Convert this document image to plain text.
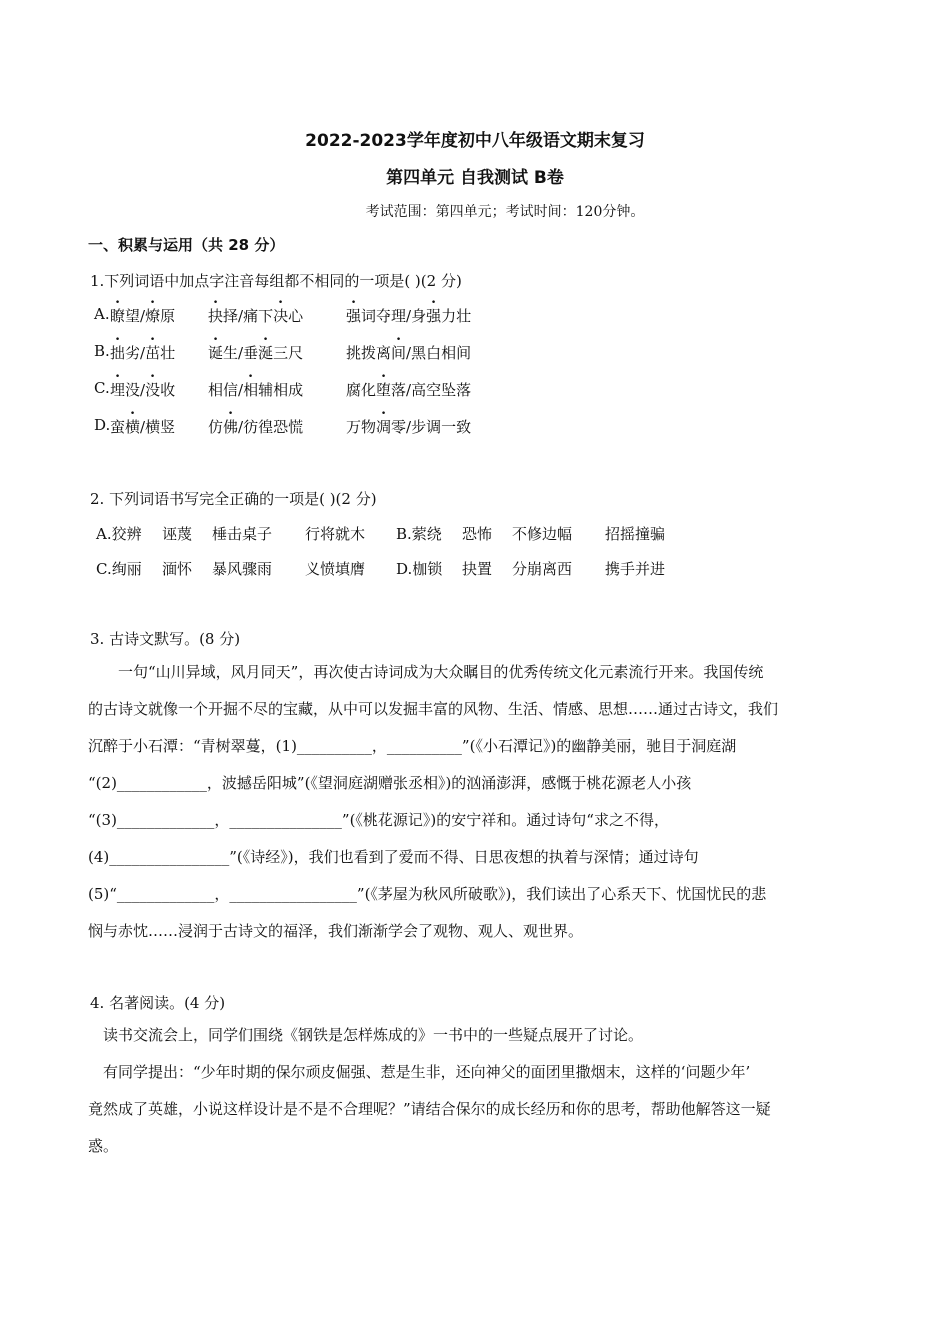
2022-2023学年度初中八年级语文期末复习
第四单元 自我测试 B卷
考试范围：第四单元；考试时间：120分钟。
一、积累与运用（共 28 分）
1.下列词语中加点字注音每组都不相同的一项是( )(2 分)
A. 瞭望/燎原 抉择/痛下决心	强词夺理/身强力壮
B. 拙劣/茁壮 诞生/垂涎三尺	挑拨离间/黑白相间
C. 埋没/没收 相信/相辅相成	腐化堕落/高空坠落
D. 蛮横/横竖 仿佛/彷徨恐慌	万物凋零/步调一致
2. 下列词语书写完全正确的一项是( )(2 分)
A.狡辨 诬蔑 棰击桌子 行将就木 B.萦绕 恐怖 不修边幅 招摇撞骗
C.绚丽 湎怀 暴风骤雨 义愤填膺 D.枷锁 抉置 分崩离西 携手并进
3. 古诗文默写。(8 分)

一句“山川异域，风月同天”，再次使古诗词成为大众瞩目的优秀传统文化元素流行开来。我国传统

的古诗文就像一个开掘不尽的宝藏，从中可以发掘丰富的风物、生活、情感、思想……通过古诗文，我们

沉醉于小石潭：“青树翠蔓，(1)__________，__________”(《小石潭记》)的幽静美丽，驰目于洞庭湖

“(2)____________，波撼岳阳城”(《望洞庭湖赠张丞相》)的汹涌澎湃，感慨于桃花源老人小孩

“(3)_____________，_______________”(《桃花源记》)的安宁祥和。通过诗句“求之不得，

(4)________________”(《诗经》)，我们也看到了爱而不得、日思夜想的执着与深情；通过诗句

(5)“_____________，_________________”(《茅屋为秋风所破歌》)，我们读出了心系天下、忧国忧民的悲

悯与赤忱……浸润于古诗文的福泽，我们渐渐学会了观物、观人、观世界。

4. 名著阅读。(4 分)

读书交流会上，同学们围绕《钢铁是怎样炼成的》一书中的一些疑点展开了讨论。

有同学提出：“少年时期的保尔顽皮倔强、惹是生非，还向神父的面团里撒烟末，这样的‘问题少年’

竟然成了英雄，小说这样设计是不是不合理呢？”请结合保尔的成长经历和你的思考，帮助他解答这一疑

惑。
